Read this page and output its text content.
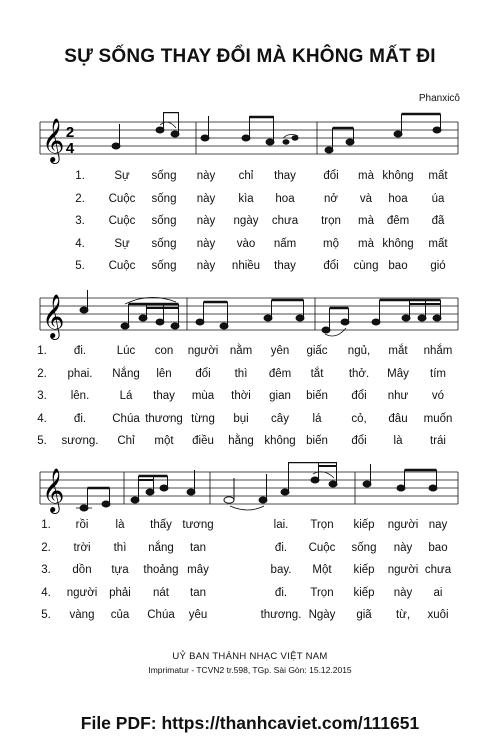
SỰ SỐNG THAY ĐỔI MÀ KHÔNG MẤT ĐI
Phanxicô
𝄞 2
4
1.	Sự sống này chỉ thay đổi mà không mất
2. Cuộc sống này kìa hoa	nở và hoa úa
3. Cuộc sống này ngày chưa trọn mà đêm đã
4.	Sự sống này vào nấm mộ mà không mất
5. Cuộc sống này nhiều thay đổi cùng bao gió
𝄞
1. đi.	Lúc con người nằm yên giấc ngủ, mắt nhắm
2. phai. Nắng lên đổi thì đêm tắt thở. Mây tím
3. lên.	Lá thay mùa thời gian biến đổi như vó
4. đi. Chúa thương từng bụi cây lá	cỏ, đâu muốn
5. sương. Chỉ một điều hằng không biến đổi là trái
𝄞
1. rồi là thấy tương	lai. Trọn kiếp người nay
2. trời thì nắng tan	đi. Cuộc sống này bao
3. dồn tựa thoảng mây	bay. Một kiếp người chưa
4. người phải nát tan	đi. Trọn kiếp này ai
5. vàng của Chúa yêu	thương. Ngày giã từ, xuôi
UỶ BAN THÁNH NHẠC VIỆT NAM
Imprimatur - TCVN2 tr.598, TGp. Sài Gòn: 15.12.2015
File PDF: https://thanhcaviet.com/111651
